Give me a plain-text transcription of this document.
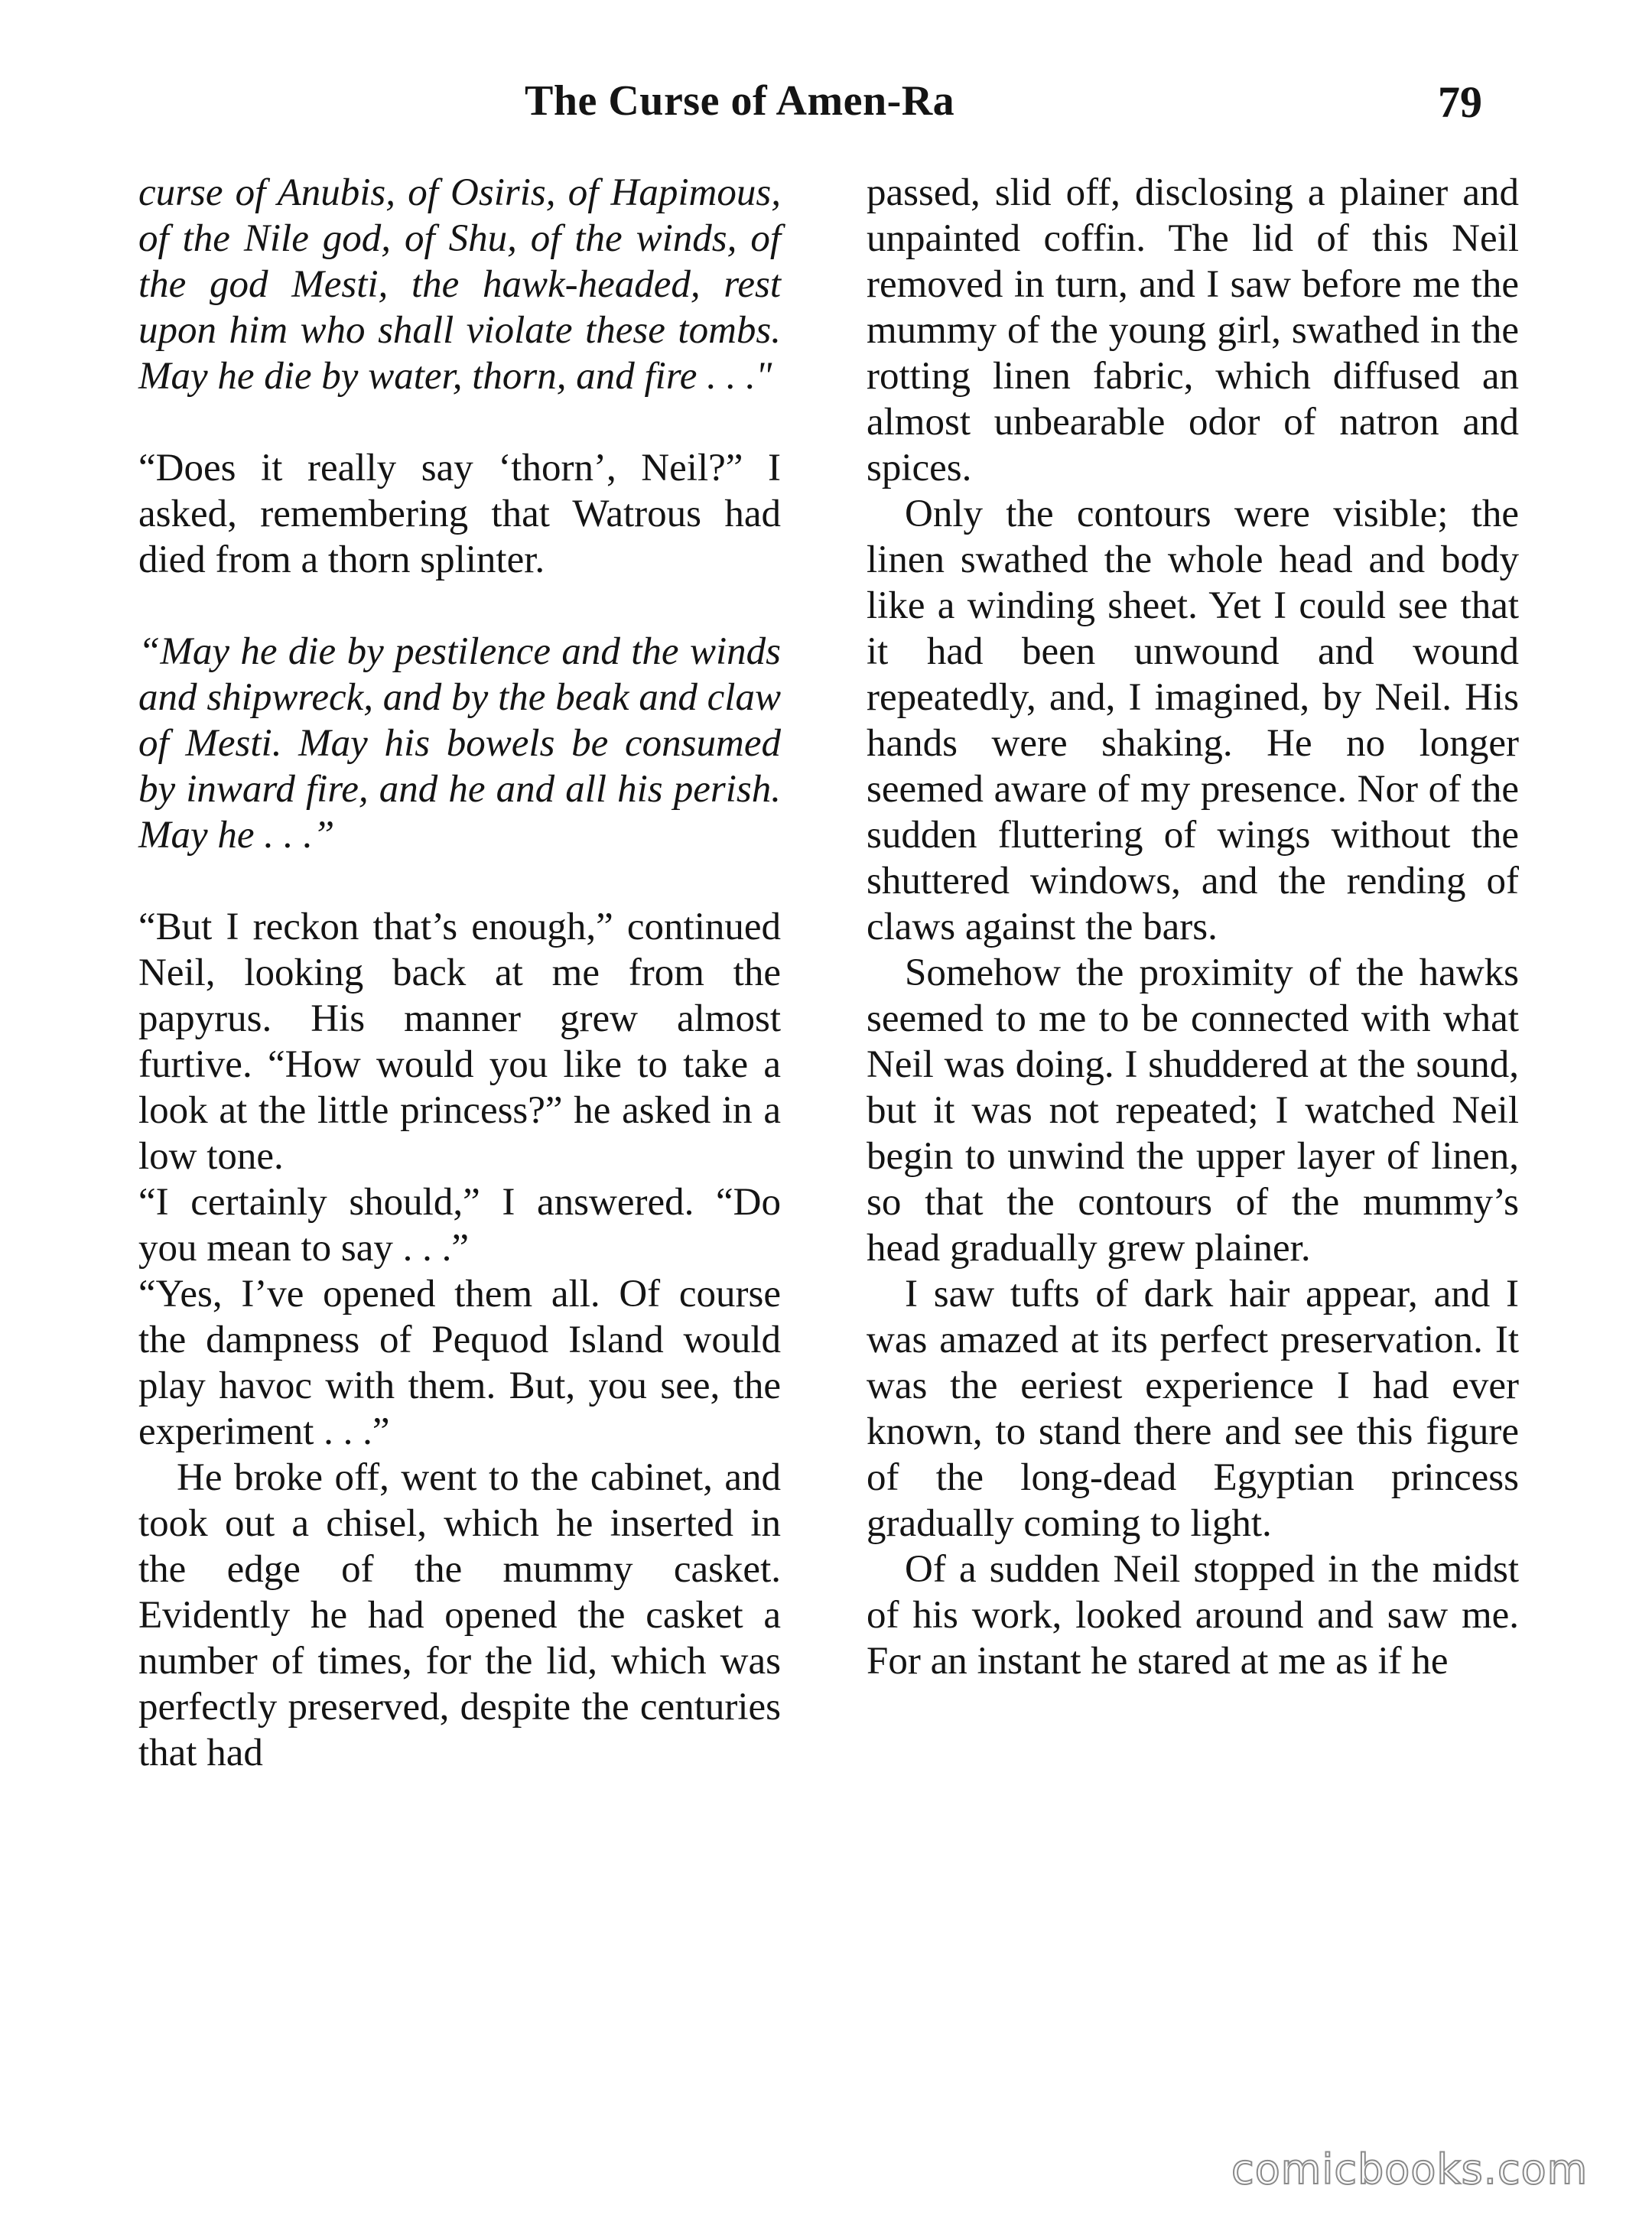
The Curse of Amen-Ra	79

curse of Anubis, of Osiris, of Hapimous, of the Nile god, of Shu, of the winds, of the god Mesti, the hawk-headed, rest upon him who shall violate these tombs. May he die by water, thorn, and fire . . ."

“Does it really say ‘thorn’, Neil?” I asked, remembering that Watrous had died from a thorn splinter.

“May he die by pestilence and the winds and shipwreck, and by the beak and claw of Mesti. May his bowels be consumed by inward fire, and he and all his perish. May he . . .”

“But I reckon that’s enough,” continued Neil, looking back at me from the papyrus. His manner grew almost furtive. “How would you like to take a look at the little princess?” he asked in a low tone.

“I certainly should,” I answered. “Do you mean to say . . .”

“Yes, I’ve opened them all. Of course the dampness of Pequod Island would play havoc with them. But, you see, the experiment . . .”

He broke off, went to the cabinet, and took out a chisel, which he inserted in the edge of the mummy casket. Evidently he had opened the casket a number of times, for the lid, which was perfectly preserved, despite the centuries that had

passed, slid off, disclosing a plainer and unpainted coffin. The lid of this Neil removed in turn, and I saw before me the mummy of the young girl, swathed in the rotting linen fabric, which diffused an almost unbearable odor of natron and spices.

Only the contours were visible; the linen swathed the whole head and body like a winding sheet. Yet I could see that it had been unwound and wound repeatedly, and, I imagined, by Neil. His hands were shaking. He no longer seemed aware of my presence. Nor of the sudden fluttering of wings without the shuttered windows, and the rending of claws against the bars.

Somehow the proximity of the hawks seemed to me to be connected with what Neil was doing. I shuddered at the sound, but it was not repeated; I watched Neil begin to unwind the upper layer of linen, so that the contours of the mummy’s head gradually grew plainer.

I saw tufts of dark hair appear, and I was amazed at its perfect preservation. It was the eeriest experience I had ever known, to stand there and see this figure of the long-dead Egyptian princess gradually coming to light.

Of a sudden Neil stopped in the midst of his work, looked around and saw me. For an instant he stared at me as if he

comicbooks.com
